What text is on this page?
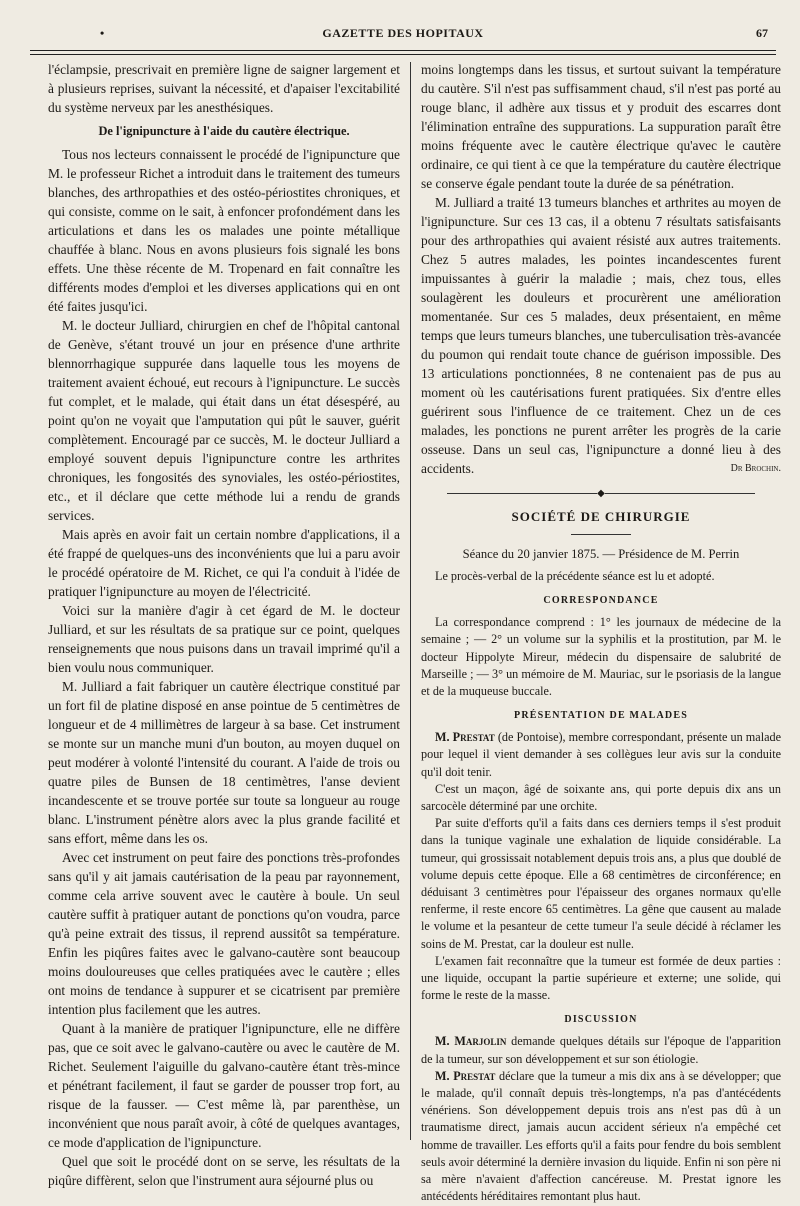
•	GAZETTE DES HOPITAUX	67

l'éclampsie, prescrivait en première ligne de saigner largement et à plusieurs reprises, suivant la nécessité, et d'apaiser l'excitabilité du système nerveux par les anesthésiques.

De l'ignipuncture à l'aide du cautère électrique.

Tous nos lecteurs connaissent le procédé de l'ignipuncture que M. le professeur Richet a introduit dans le traitement des tumeurs blanches, des arthropathies et des ostéo-périostites chroniques, et qui consiste, comme on le sait, à enfoncer profondément dans les articulations et dans les os malades une pointe métallique chauffée à blanc. Nous en avons plusieurs fois signalé les bons effets. Une thèse récente de M. Tropenard en fait connaître les différents modes d'emploi et les diverses applications qui en ont été faites jusqu'ici.

M. le docteur Julliard, chirurgien en chef de l'hôpital cantonal de Genève, s'étant trouvé un jour en présence d'une arthrite blennorrhagique suppurée dans laquelle tous les moyens de traitement avaient échoué, eut recours à l'ignipuncture. Le succès fut complet, et le malade, qui était dans un état désespéré, au point qu'on ne voyait que l'amputation qui pût le sauver, guérit complètement. Encouragé par ce succès, M. le docteur Julliard a employé souvent depuis l'ignipuncture contre les arthrites chroniques, les fongosités des synoviales, les ostéo-périostites, etc., et il déclare que cette méthode lui a rendu de grands services.

Mais après en avoir fait un certain nombre d'applications, il a été frappé de quelques-uns des inconvénients que lui a paru avoir le procédé opératoire de M. Richet, ce qui l'a conduit à l'idée de pratiquer l'ignipuncture au moyen de l'électricité.

Voici sur la manière d'agir à cet égard de M. le docteur Julliard, et sur les résultats de sa pratique sur ce point, quelques renseignements que nous puisons dans un travail imprimé qu'il a bien voulu nous communiquer.

M. Julliard a fait fabriquer un cautère électrique constitué par un fort fil de platine disposé en anse pointue de 5 centimètres de longueur et de 4 millimètres de largeur à sa base. Cet instrument se monte sur un manche muni d'un bouton, au moyen duquel on peut modérer à volonté l'intensité du courant. A l'aide de trois ou quatre piles de Bunsen de 18 centimètres, l'anse devient incandescente et se trouve portée sur toute sa longueur au rouge blanc. L'instrument pénètre alors avec la plus grande facilité et sans effort, même dans les os.

Avec cet instrument on peut faire des ponctions très-profondes sans qu'il y ait jamais cautérisation de la peau par rayonnement, comme cela arrive souvent avec le cautère à boule. Un seul cautère suffit à pratiquer autant de ponctions qu'on voudra, parce qu'à peine extrait des tissus, il reprend aussitôt sa température. Enfin les piqûres faites avec le galvano-cautère sont beaucoup moins douloureuses que celles pratiquées avec le cautère ; elles ont moins de tendance à suppurer et se cicatrisent par première intention plus facilement que les autres.

Quant à la manière de pratiquer l'ignipuncture, elle ne diffère pas, que ce soit avec le galvano-cautère ou avec le cautère de M. Richet. Seulement l'aiguille du galvano-cautère étant très-mince et pénétrant facilement, il faut se garder de pousser trop fort, au risque de la fausser. — C'est même là, par parenthèse, un inconvénient que nous paraît avoir, à côté de quelques avantages, ce mode d'application de l'ignipuncture.

Quel que soit le procédé dont on se serve, les résultats de la piqûre diffèrent, selon que l'instrument aura séjourné plus ou

moins longtemps dans les tissus, et surtout suivant la température du cautère. S'il n'est pas suffisamment chaud, s'il n'est pas porté au rouge blanc, il adhère aux tissus et y produit des escarres dont l'élimination entraîne des suppurations. La suppuration paraît être moins fréquente avec le cautère électrique qu'avec le cautère ordinaire, ce qui tient à ce que la température du cautère électrique se conserve égale pendant toute la durée de sa pénétration.

M. Julliard a traité 13 tumeurs blanches et arthrites au moyen de l'ignipuncture. Sur ces 13 cas, il a obtenu 7 résultats satisfaisants pour des arthropathies qui avaient résisté aux autres traitements. Chez 5 autres malades, les pointes incandescentes furent impuissantes à guérir la maladie ; mais, chez tous, elles soulagèrent les douleurs et procurèrent une amélioration momentanée. Sur ces 5 malades, deux présentaient, en même temps que leurs tumeurs blanches, une tuberculisation très-avancée du poumon qui rendait toute chance de guérison impossible. Des 13 articulations ponctionnées, 8 ne contenaient pas de pus au moment où les cautérisations furent pratiquées. Six d'entre elles guérirent sous l'influence de ce traitement. Chez un de ces malades, les ponctions ne purent arrêter les progrès de la carie osseuse. Dans un seul cas, l'ignipuncture a donné lieu à des accidents.	Dr Brochin.
◆
SOCIÉTÉ DE CHIRURGIE
Séance du 20 janvier 1875. — Présidence de M. Perrin

Le procès-verbal de la précédente séance est lu et adopté.

CORRESPONDANCE

La correspondance comprend : 1° les journaux de médecine de la semaine ; — 2° un volume sur la syphilis et la prostitution, par M. le docteur Hippolyte Mireur, médecin du dispensaire de salubrité de Marseille ; — 3° un mémoire de M. Mauriac, sur le psoriasis de la langue et de la muqueuse buccale.

PRÉSENTATION DE MALADES

M. Prestat (de Pontoise), membre correspondant, présente un malade pour lequel il vient demander à ses collègues leur avis sur la conduite qu'il doit tenir.

C'est un maçon, âgé de soixante ans, qui porte depuis dix ans un sarcocèle déterminé par une orchite.

Par suite d'efforts qu'il a faits dans ces derniers temps il s'est produit dans la tunique vaginale une exhalation de liquide considérable. La tumeur, qui grossissait notablement depuis trois ans, a plus que doublé de volume depuis cette époque. Elle a 68 centimètres de circonférence; en déduisant 3 centimètres pour l'épaisseur des organes normaux qu'elle renferme, il reste encore 65 centimètres. La gêne que causent au malade le volume et la pesanteur de cette tumeur l'a seule décidé à réclamer les soins de M. Prestat, car la douleur est nulle.

L'examen fait reconnaître que la tumeur est formée de deux parties : une liquide, occupant la partie supérieure et externe; une solide, qui forme le reste de la masse.

DISCUSSION

M. Marjolin demande quelques détails sur l'époque de l'apparition de la tumeur, sur son développement et sur son étiologie.

M. Prestat déclare que la tumeur a mis dix ans à se développer; que le malade, qu'il connaît depuis très-longtemps, n'a pas d'antécédents vénériens. Son développement depuis trois ans n'est pas dû à un traumatisme direct, jamais aucun accident sérieux n'a empêché cet homme de travailler. Les efforts qu'il a faits pour fendre du bois semblent seuls avoir déterminé la dernière invasion du liquide. Enfin ni son père ni sa mère n'avaient d'affection cancéreuse. M. Prestat ignore les antécédents héréditaires remontant plus haut.
